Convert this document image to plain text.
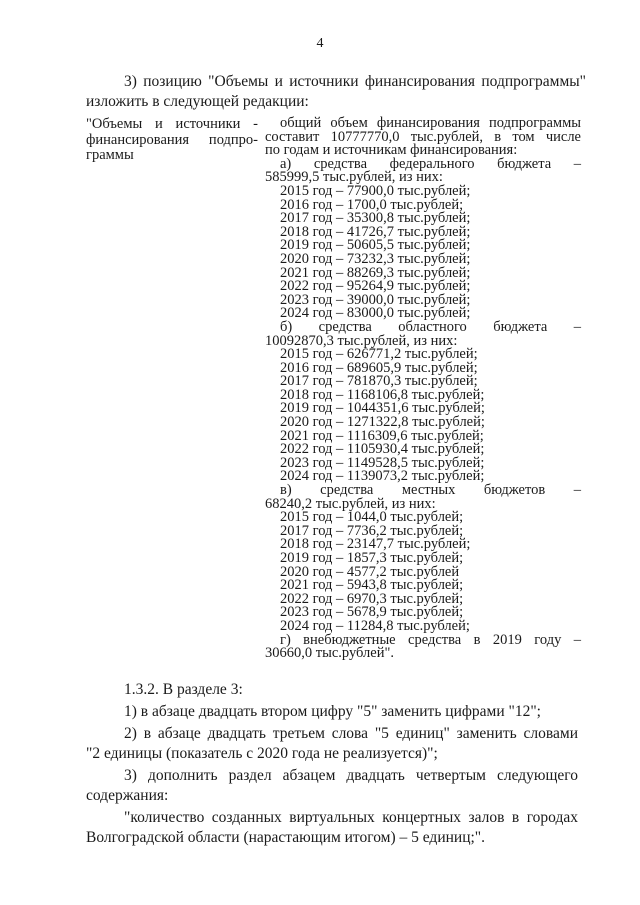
4
3) позицию "Объемы и источники финансирования подпрограммы"
изложить в следующей редакции:
"Объемы и источники -
финансирования подпро-
граммы
общий объем финансирования подпрограммы
составит 10777770,0 тыс.рублей, в том числе
по годам и источникам финансирования:
а) средства федерального бюджета –
585999,5 тыс.рублей, из них:
2015 год – 77900,0 тыс.рублей;
2016 год – 1700,0 тыс.рублей;
2017 год – 35300,8 тыс.рублей;
2018 год – 41726,7 тыс.рублей;
2019 год – 50605,5 тыс.рублей;
2020 год – 73232,3 тыс.рублей;
2021 год – 88269,3 тыс.рублей;
2022 год – 95264,9 тыс.рублей;
2023 год – 39000,0 тыс.рублей;
2024 год – 83000,0 тыс.рублей;
б) средства областного бюджета –
10092870,3 тыс.рублей, из них:
2015 год – 626771,2 тыс.рублей;
2016 год – 689605,9 тыс.рублей;
2017 год – 781870,3 тыс.рублей;
2018 год – 1168106,8 тыс.рублей;
2019 год – 1044351,6 тыс.рублей;
2020 год – 1271322,8 тыс.рублей;
2021 год – 1116309,6 тыс.рублей;
2022 год – 1105930,4 тыс.рублей;
2023 год – 1149528,5 тыс.рублей;
2024 год – 1139073,2 тыс.рублей;
в) средства местных бюджетов –
68240,2 тыс.рублей, из них:
2015 год – 1044,0 тыс.рублей;
2017 год – 7736,2 тыс.рублей;
2018 год – 23147,7 тыс.рублей;
2019 год – 1857,3 тыс.рублей;
2020 год – 4577,2 тыс.рублей
2021 год – 5943,8 тыс.рублей;
2022 год – 6970,3 тыс.рублей;
2023 год – 5678,9 тыс.рублей;
2024 год – 11284,8 тыс.рублей;
г) внебюджетные средства в 2019 году –
30660,0 тыс.рублей".
1.3.2. В разделе 3:
1) в абзаце двадцать втором цифру "5" заменить цифрами "12";
2) в абзаце двадцать третьем слова "5 единиц" заменить словами
"2 единицы (показатель с 2020 года не реализуется)";
3) дополнить раздел абзацем двадцать четвертым следующего
содержания:
"количество созданных виртуальных концертных залов в городах
Волгоградской области (нарастающим итогом) – 5 единиц;".
